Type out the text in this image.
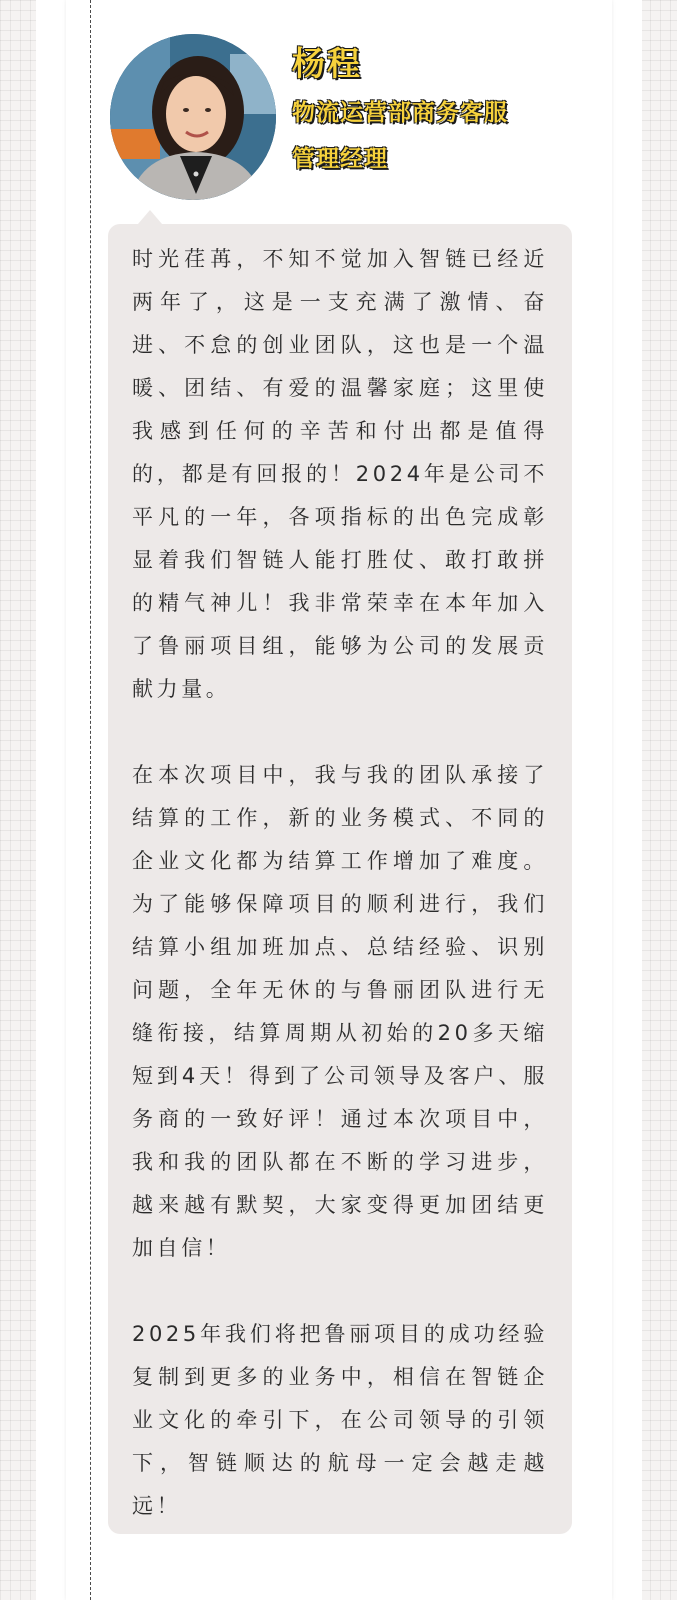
杨程
物流运营部商务客服
管理经理

时光荏苒，不知不觉加入智链已经近两年了，这是一支充满了激情、奋进、不怠的创业团队，这也是一个温暖、团结、有爱的温馨家庭；这里使我感到任何的辛苦和付出都是值得的，都是有回报的！2024年是公司不平凡的一年，各项指标的出色完成彰显着我们智链人能打胜仗、敢打敢拼的精气神儿！我非常荣幸在本年加入了鲁丽项目组，能够为公司的发展贡献力量。

在本次项目中，我与我的团队承接了结算的工作，新的业务模式、不同的企业文化都为结算工作增加了难度。为了能够保障项目的顺利进行，我们结算小组加班加点、总结经验、识别问题，全年无休的与鲁丽团队进行无缝衔接，结算周期从初始的20多天缩短到4天！得到了公司领导及客户、服务商的一致好评！通过本次项目中，我和我的团队都在不断的学习进步，越来越有默契，大家变得更加团结更加自信！

2025年我们将把鲁丽项目的成功经验复制到更多的业务中，相信在智链企业文化的牵引下，在公司领导的引领下，智链顺达的航母一定会越走越远！
